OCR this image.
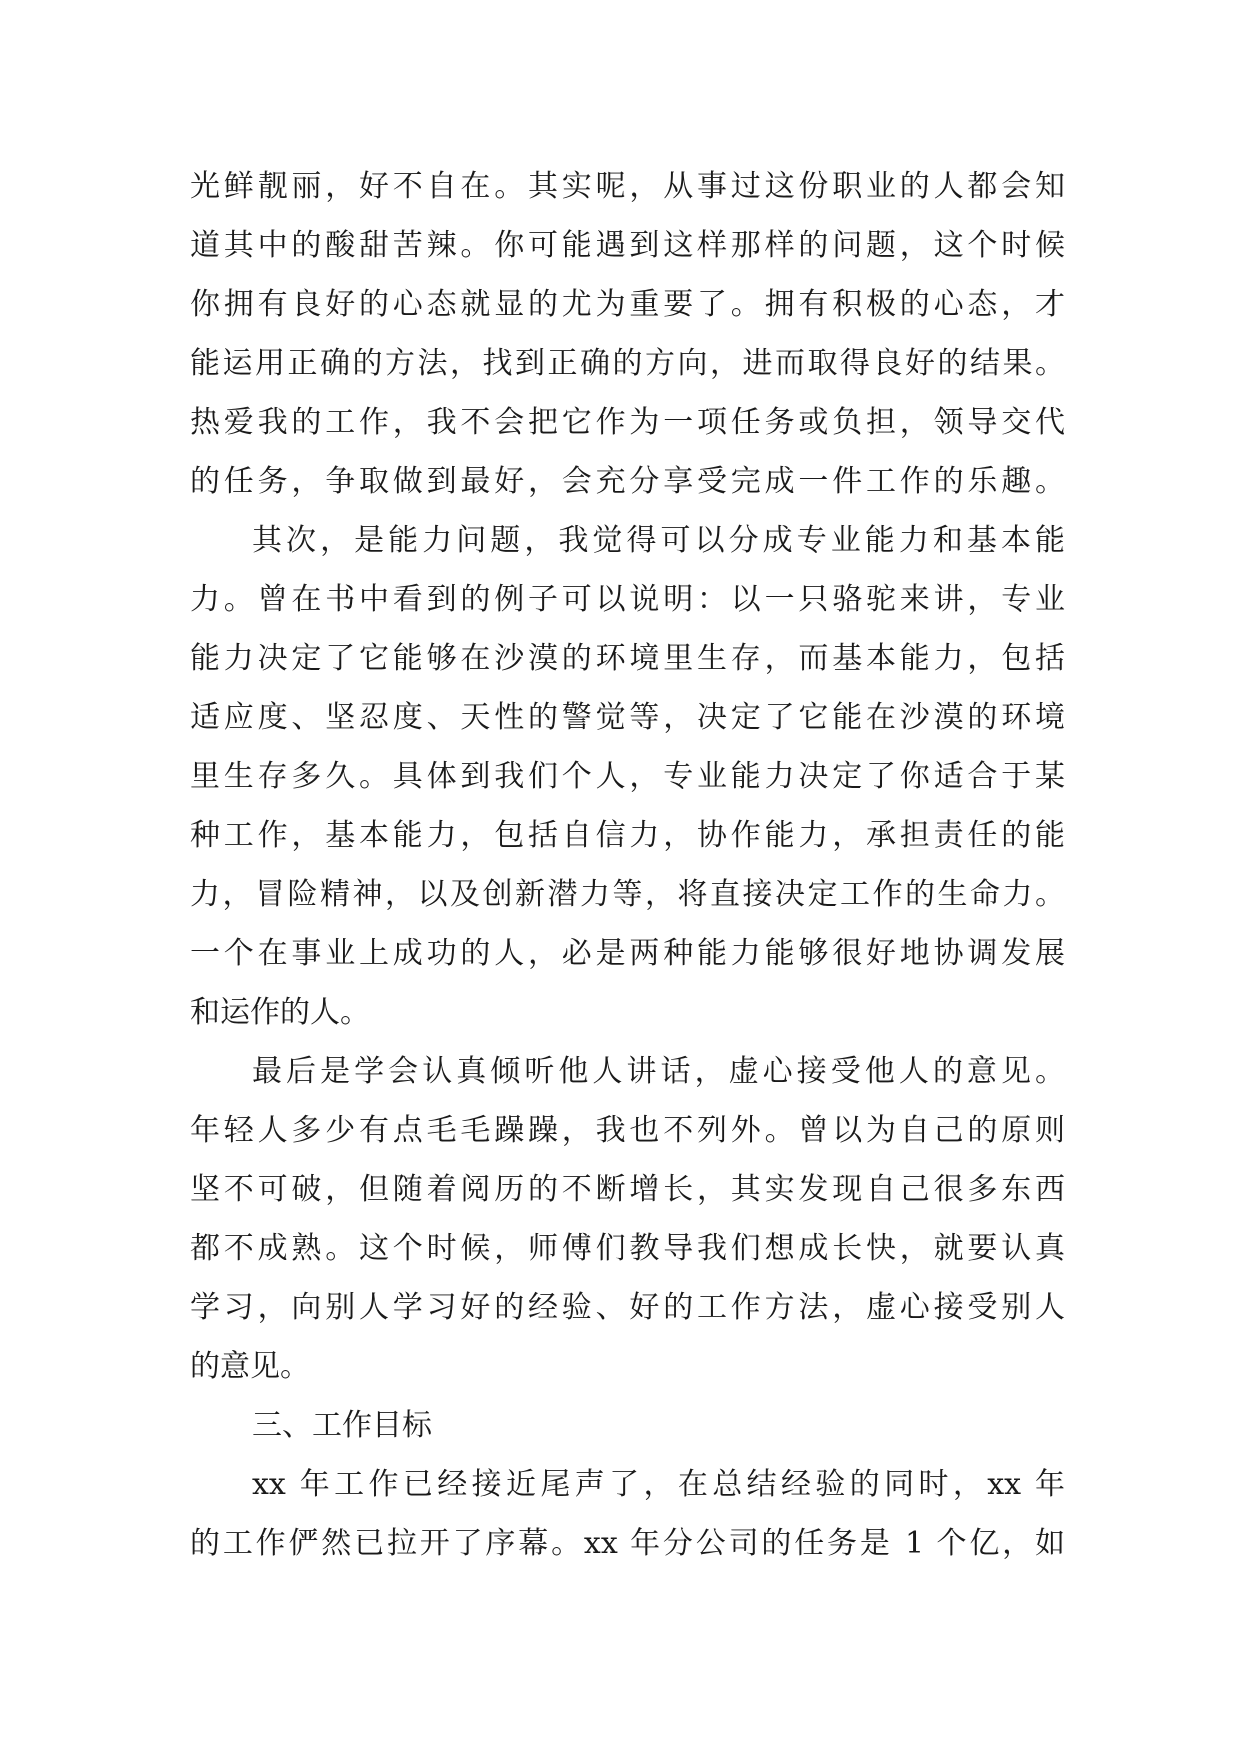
光鲜靓丽，好不自在。其实呢，从事过这份职业的人都会知
道其中的酸甜苦辣。你可能遇到这样那样的问题，这个时候
你拥有良好的心态就显的尤为重要了。拥有积极的心态，才
能运用正确的方法，找到正确的方向，进而取得良好的结果。
热爱我的工作，我不会把它作为一项任务或负担，领导交代
的任务，争取做到最好，会充分享受完成一件工作的乐趣。
其次，是能力问题，我觉得可以分成专业能力和基本能
力。曾在书中看到的例子可以说明：以一只骆驼来讲，专业
能力决定了它能够在沙漠的环境里生存，而基本能力，包括
适应度、坚忍度、天性的警觉等，决定了它能在沙漠的环境
里生存多久。具体到我们个人，专业能力决定了你适合于某
种工作，基本能力，包括自信力，协作能力，承担责任的能
力，冒险精神，以及创新潜力等，将直接决定工作的生命力。
一个在事业上成功的人，必是两种能力能够很好地协调发展
和运作的人。
最后是学会认真倾听他人讲话，虚心接受他人的意见。
年轻人多少有点毛毛躁躁，我也不列外。曾以为自己的原则
坚不可破，但随着阅历的不断增长，其实发现自己很多东西
都不成熟。这个时候，师傅们教导我们想成长快，就要认真
学习，向别人学习好的经验、好的工作方法，虚心接受别人
的意见。
三、工作目标
xx 年工作已经接近尾声了，在总结经验的同时，xx 年
的工作俨然已拉开了序幕。xx 年分公司的任务是 1 个亿，如
